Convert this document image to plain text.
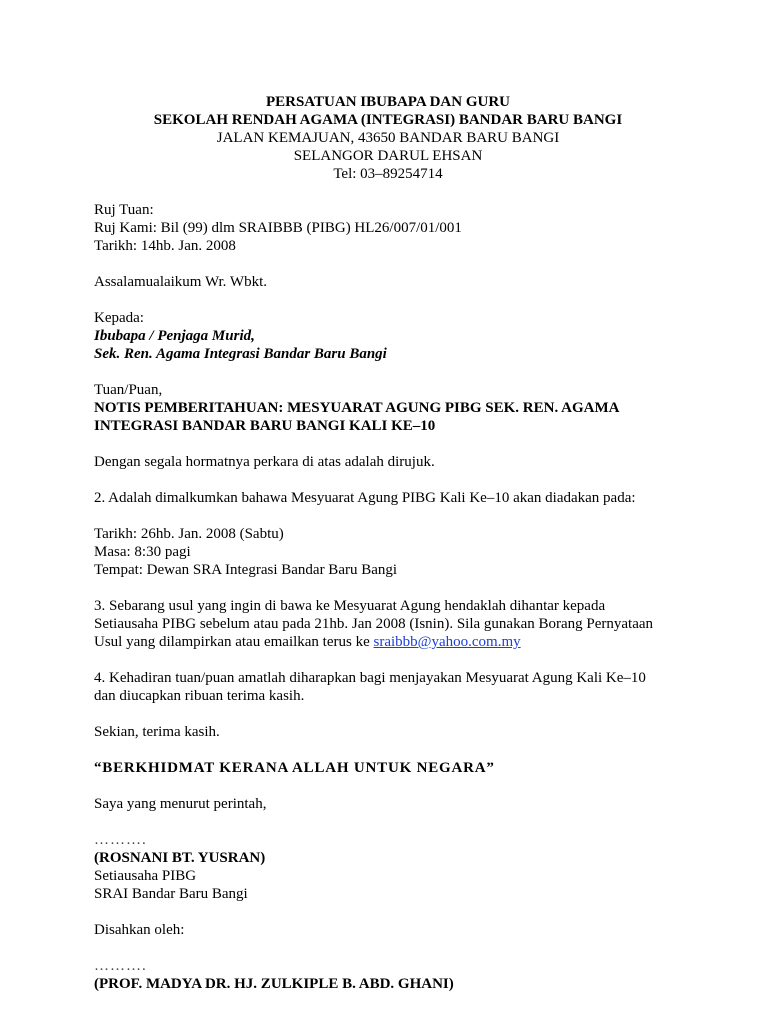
PERSATUAN IBUBAPA DAN GURU
SEKOLAH RENDAH AGAMA (INTEGRASI) BANDAR BARU BANGI
JALAN KEMAJUAN, 43650 BANDAR BARU BANGI
SELANGOR DARUL EHSAN
Tel: 03–89254714
Ruj Tuan:
Ruj Kami: Bil (99) dlm SRAIBBB (PIBG) HL26/007/01/001
Tarikh: 14hb. Jan. 2008

Assalamualaikum Wr. Wbkt.

Kepada:
Ibubapa / Penjaga Murid,
Sek. Ren. Agama Integrasi Bandar Baru Bangi
Tuan/Puan,
NOTIS PEMBERITAHUAN: MESYUARAT AGUNG PIBG SEK. REN. AGAMA
INTEGRASI BANDAR BARU BANGI KALI KE–10

Dengan segala hormatnya perkara di atas adalah dirujuk.

2. Adalah dimalkumkan bahawa Mesyuarat Agung PIBG Kali Ke–10 akan diadakan pada:

Tarikh: 26hb. Jan. 2008 (Sabtu)
Masa: 8:30 pagi
Tempat: Dewan SRA Integrasi Bandar Baru Bangi
3. Sebarang usul yang ingin di bawa ke Mesyuarat Agung hendaklah dihantar kepada
Setiausaha PIBG sebelum atau pada 21hb. Jan 2008 (Isnin). Sila gunakan Borang Pernyataan
Usul yang dilampirkan atau emailkan terus ke sraibbb@yahoo.com.my
4. Kehadiran tuan/puan amatlah diharapkan bagi menjayakan Mesyuarat Agung Kali Ke–10
dan diucapkan ribuan terima kasih.

Sekian, terima kasih.

“BERKHIDMAT KERANA ALLAH UNTUK NEGARA”

Saya yang menurut perintah,

……….
(ROSNANI BT. YUSRAN)
Setiausaha PIBG
SRAI Bandar Baru Bangi

Disahkan oleh:

……….
(PROF. MADYA DR. HJ. ZULKIPLE B. ABD. GHANI)
